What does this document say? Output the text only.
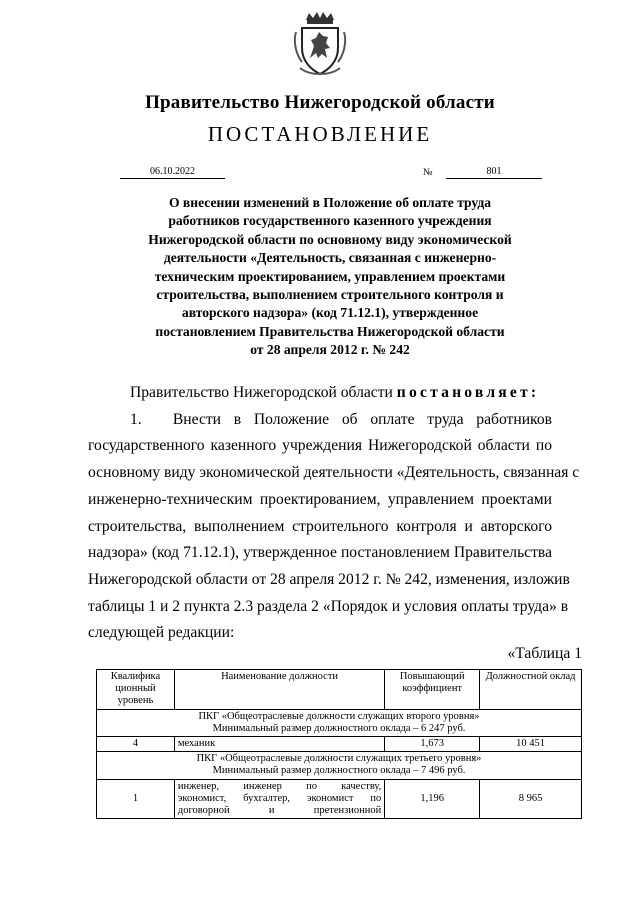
Правительство Нижегородской области
ПОСТАНОВЛЕНИЕ
06.10.2022	№	801
О внесении изменений в Положение об оплате труда
работников государственного казенного учреждения
Нижегородской области по основному виду экономической
деятельности «Деятельность, связанная с инженерно-
техническим проектированием, управлением проектами
строительства, выполнением строительного контроля и
авторского надзора» (код 71.12.1), утвержденное
постановлением Правительства Нижегородской области
от 28 апреля 2012 г. № 242
Правительство Нижегородской области постановляет:
1.  Внести в Положение об оплате труда работников
государственного казенного учреждения Нижегородской области по
основному виду экономической деятельности «Деятельность, связанная с
инженерно-техническим проектированием, управлением проектами
строительства, выполнением строительного контроля и авторского
надзора» (код 71.12.1), утвержденное постановлением Правительства
Нижегородской области от 28 апреля 2012 г. № 242, изменения, изложив
таблицы 1 и 2 пункта 2.3 раздела 2 «Порядок и условия оплаты труда» в
следующей редакции:
«Таблица 1
Квалифика ционный уровень	Наименование должности	Повышающий коэффициент	Должностной оклад

ПКГ «Общеотраслевые должности служащих второго уровня»
Минимальный размер должностного оклада – 6 247 руб.			

4	механик	1,673	10 451

ПКГ «Общеотраслевые должности служащих третьего уровня»
Минимальный размер должностного оклада – 7 496 руб.			

1	инженер, инженер по качеству,
экономист, бухгалтер, экономист по
договорной и претензионной	1,196	8 965
